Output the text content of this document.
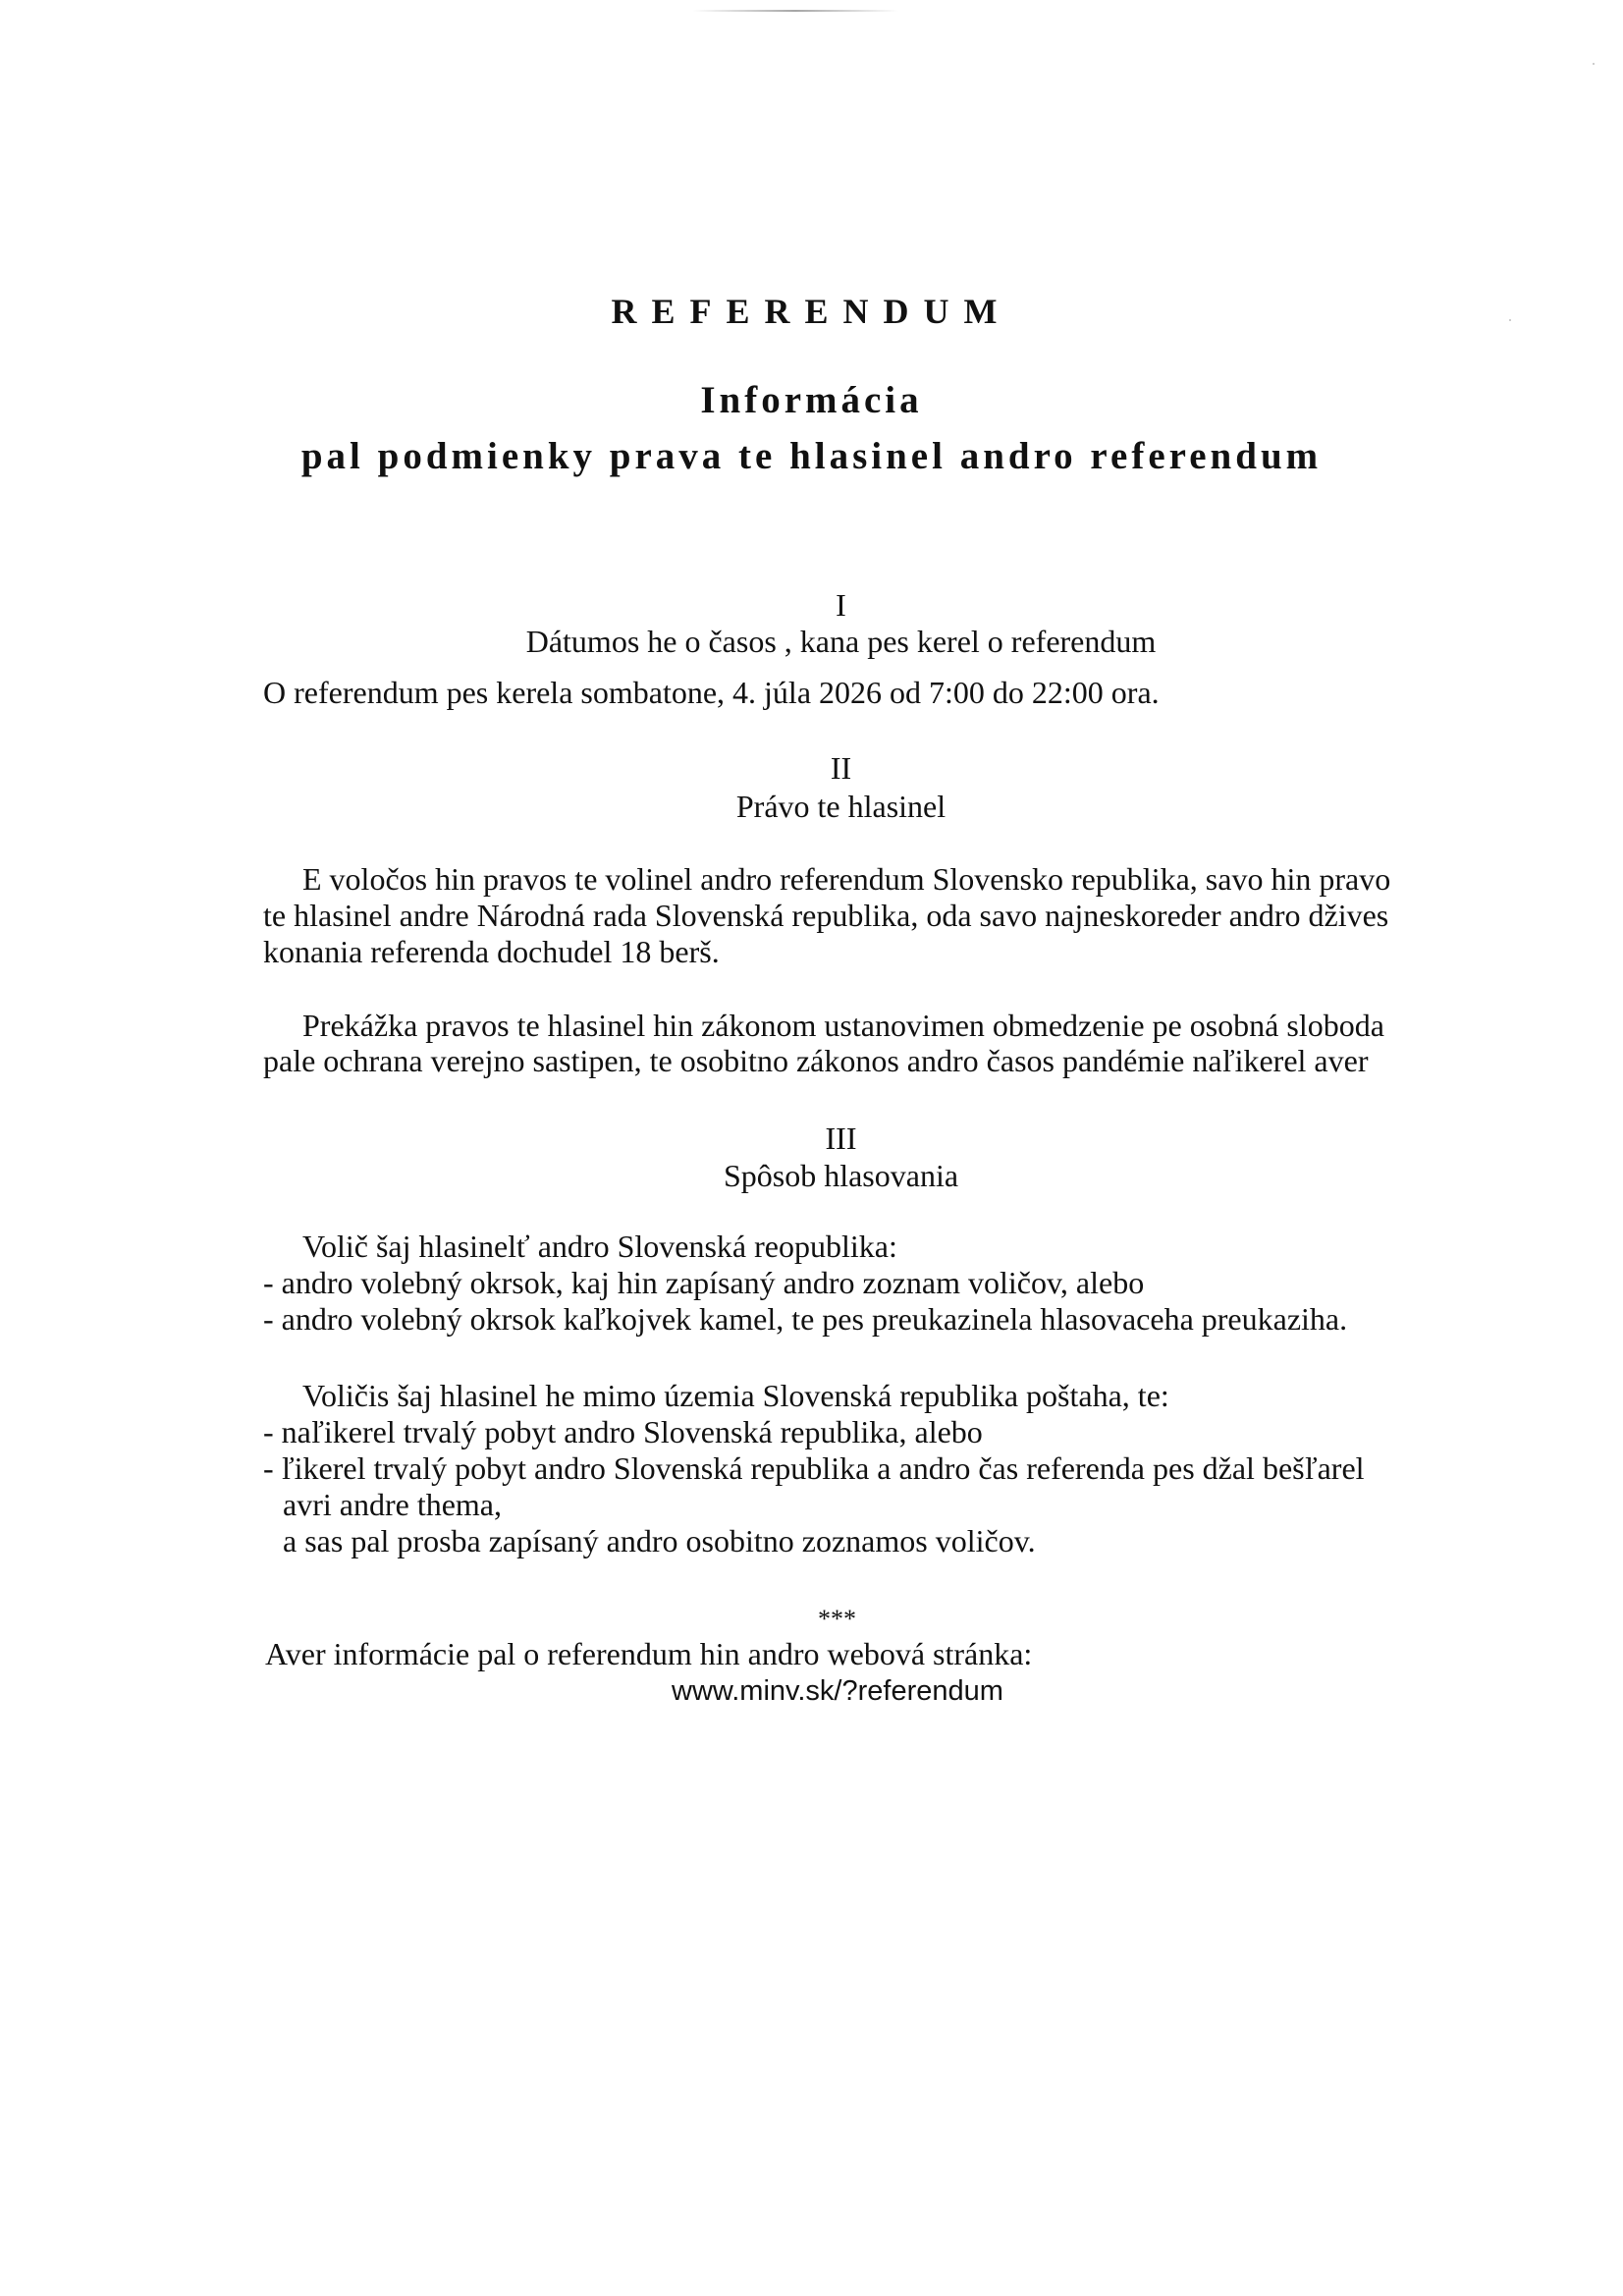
REFERENDUM
Informácia
pal podmienky prava te hlasinel andro referendum
I
Dátumos he o časos , kana pes kerel o referendum
O referendum pes kerela sombatone, 4. júla 2026 od 7:00 do 22:00 ora.
II
Právo te hlasinel
E voločos hin pravos te volinel andro referendum Slovensko republika, savo hin pravo
te hlasinel andre Národná rada Slovenská republika, oda savo najneskoreder andro džives
konania referenda dochudel 18 berš.
Prekážka pravos te hlasinel hin zákonom ustanovimen obmedzenie pe osobná sloboda
pale ochrana verejno sastipen, te osobitno zákonos andro časos pandémie naľikerel aver
III
Spôsob hlasovania
Volič šaj hlasinelť andro Slovenská reopublika:
- andro volebný okrsok, kaj hin zapísaný andro zoznam voličov, alebo
- andro volebný okrsok kaľkojvek kamel, te pes preukazinela hlasovaceha preukaziha.
Voličis šaj hlasinel he mimo územia Slovenská republika poštaha, te:
- naľikerel trvalý pobyt andro Slovenská republika, alebo
- ľikerel trvalý pobyt andro Slovenská republika a andro čas referenda pes džal bešľarel
avri andre thema,
a sas pal prosba zapísaný andro osobitno zoznamos voličov.
***
Aver informácie pal o referendum hin andro webová stránka:
www.minv.sk/?referendum
